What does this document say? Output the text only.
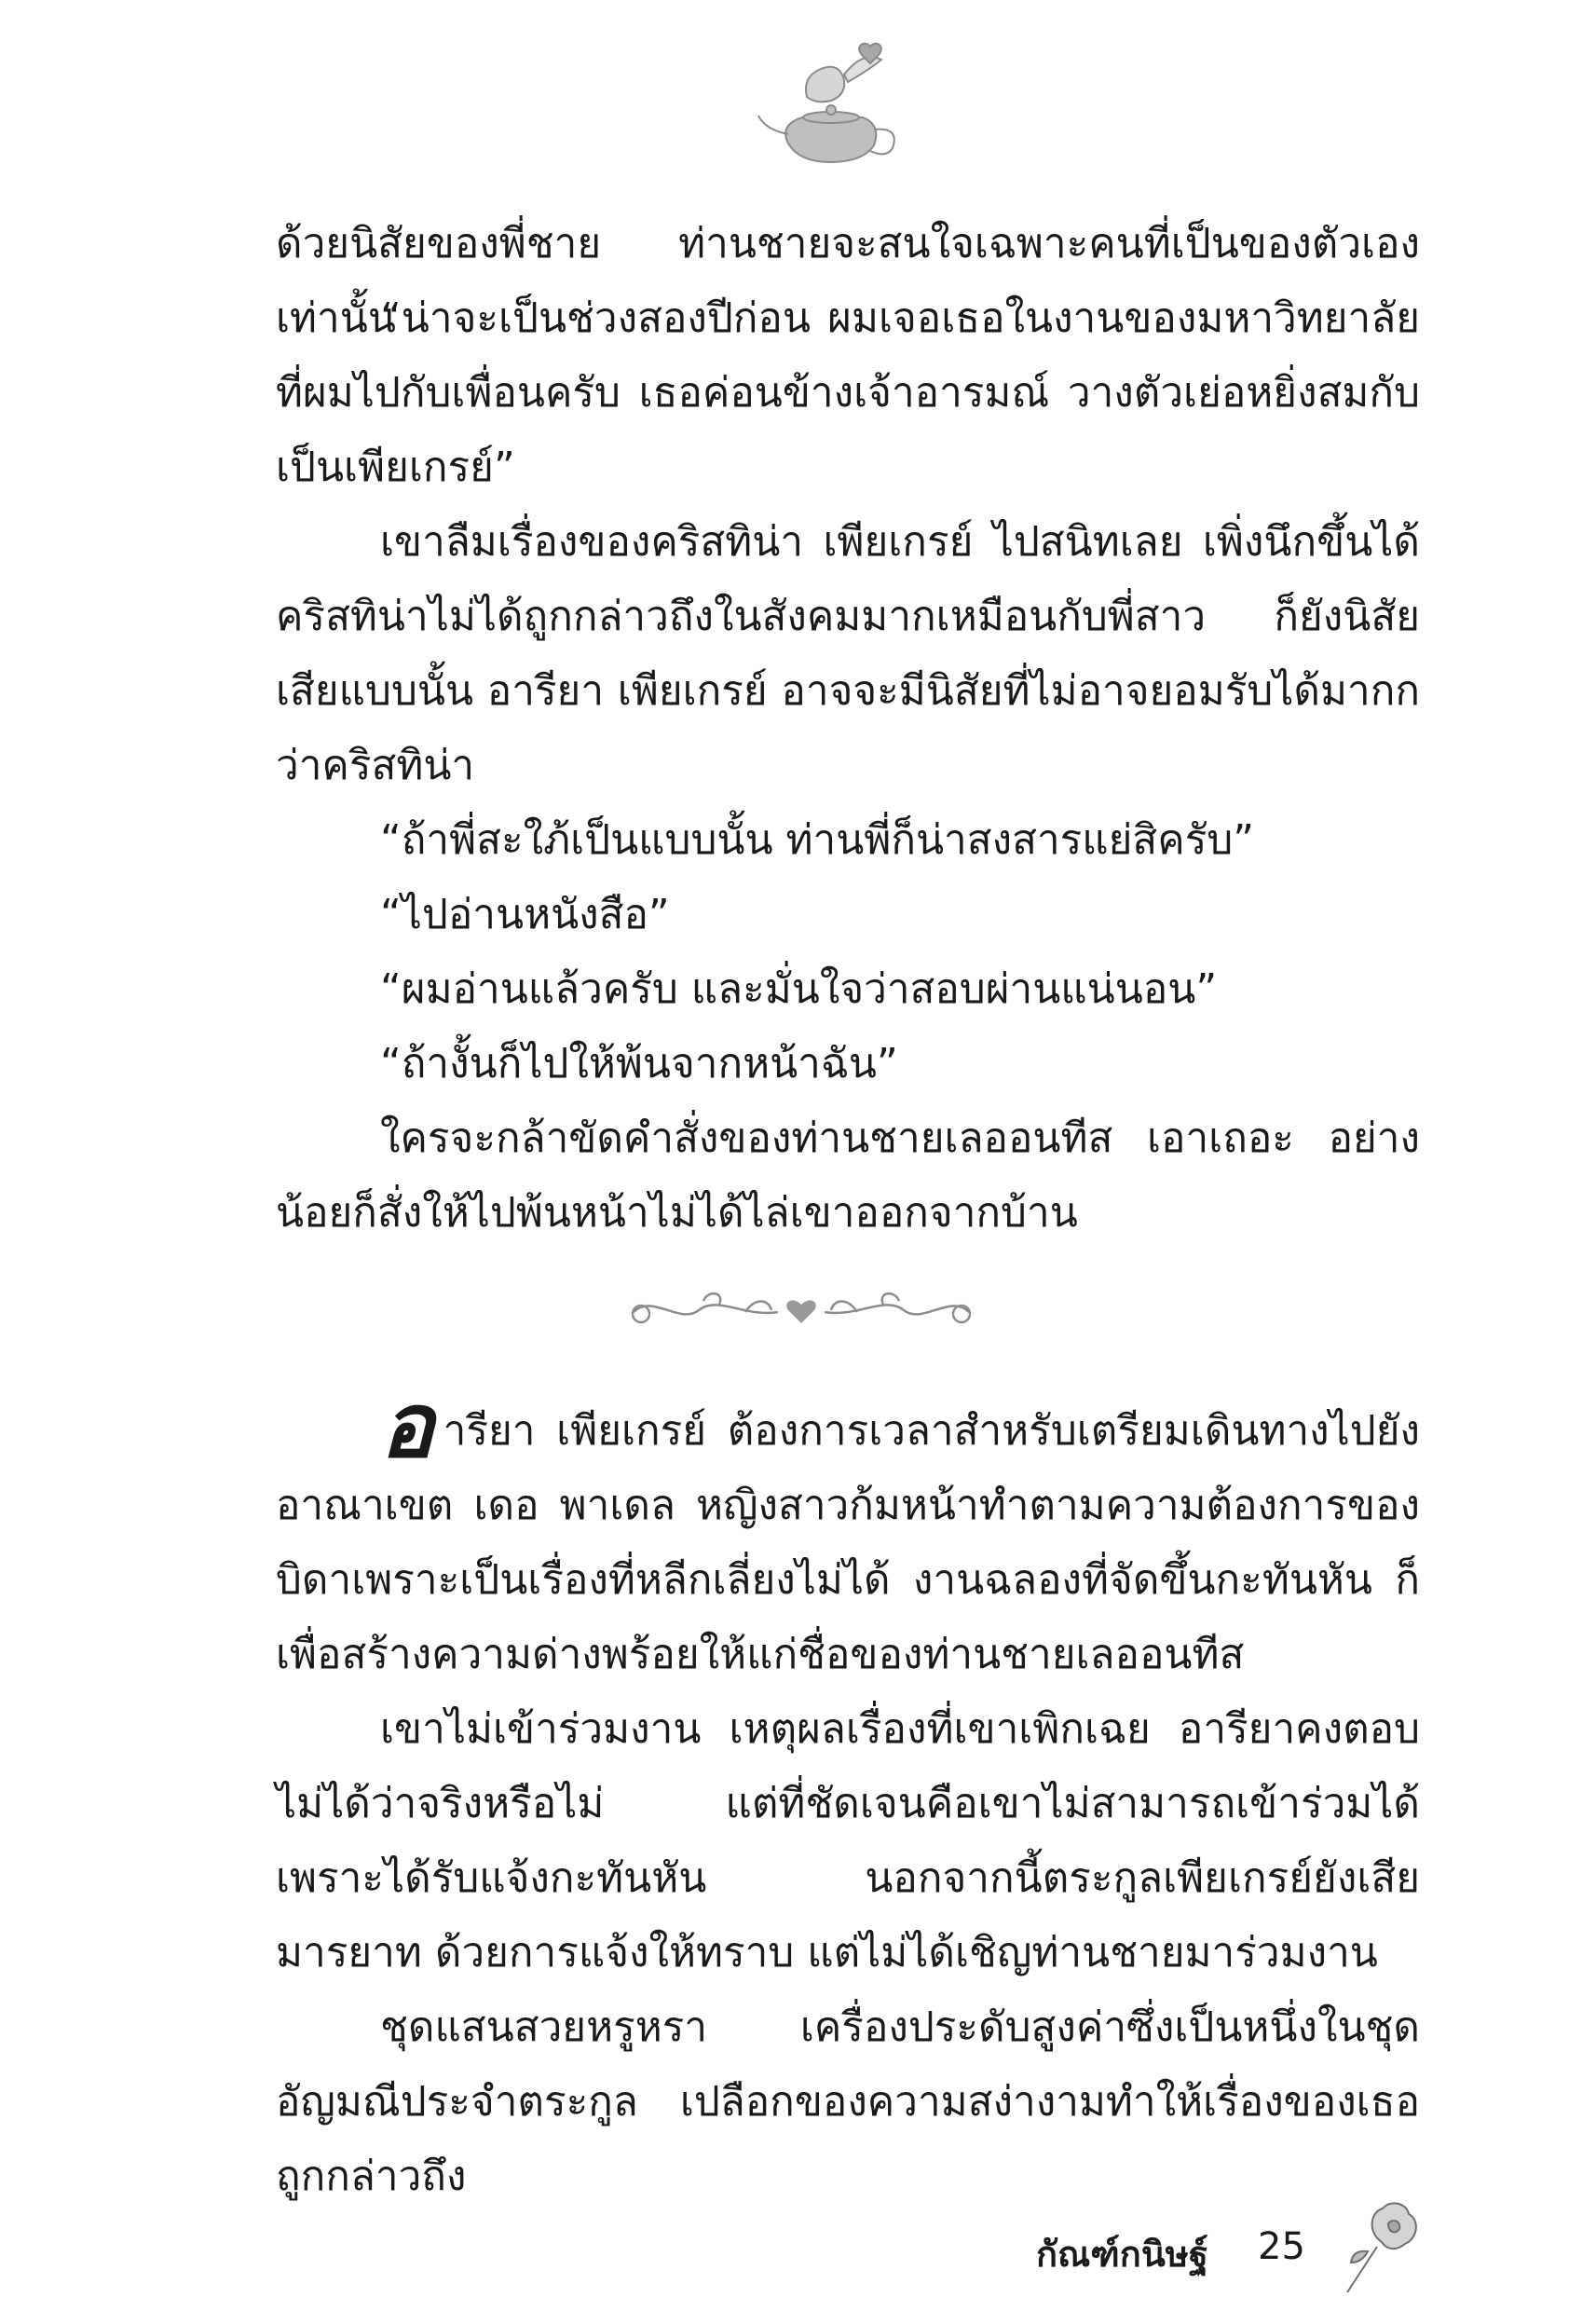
ด้วยนิสัยของพี่ชาย ท่านชายจะสนใจเฉพาะคนที่เป็นของตัวเองเท่านั้น
“น่าจะเป็นช่วงสองปีก่อน ผมเจอเธอในงานของมหาวิทยาลัยที่ผมไปกับเพื่อนครับ เธอค่อนข้างเจ้าอารมณ์ วางตัวเย่อหยิ่งสมกับเป็นเพียเกรย์”
เขาลืมเรื่องของคริสทิน่า เพียเกรย์ ไปสนิทเลย เพิ่งนึกขึ้นได้ คริสทิน่าไม่ได้ถูกกล่าวถึงในสังคมมากเหมือนกับพี่สาว ก็ยังนิสัยเสียแบบนั้น อารียา เพียเกรย์ อาจจะมีนิสัยที่ไม่อาจยอมรับได้มากกว่าคริสทิน่า
“ถ้าพี่สะใภ้เป็นแบบนั้น ท่านพี่ก็น่าสงสารแย่สิครับ”
“ไปอ่านหนังสือ”
“ผมอ่านแล้วครับ และมั่นใจว่าสอบผ่านแน่นอน”
“ถ้างั้นก็ไปให้พ้นจากหน้าฉัน”
ใครจะกล้าขัดคำสั่งของท่านชายเลออนทีส เอาเถอะ อย่างน้อยก็สั่งให้ไปพ้นหน้าไม่ได้ไล่เขาออกจากบ้าน
อารียา เพียเกรย์ ต้องการเวลาสำหรับเตรียมเดินทางไปยังอาณาเขต เดอ พาเดล หญิงสาวก้มหน้าทำตามความต้องการของบิดาเพราะเป็นเรื่องที่หลีกเลี่ยงไม่ได้ งานฉลองที่จัดขึ้นกะทันหัน ก็เพื่อสร้างความด่างพร้อยให้แก่ชื่อของท่านชายเลออนทีส
เขาไม่เข้าร่วมงาน เหตุผลเรื่องที่เขาเพิกเฉย อารียาคงตอบไม่ได้ว่าจริงหรือไม่ แต่ที่ชัดเจนคือเขาไม่สามารถเข้าร่วมได้ เพราะได้รับแจ้งกะทันหัน นอกจากนี้ตระกูลเพียเกรย์ยังเสียมารยาท ด้วยการแจ้งให้ทราบ แต่ไม่ได้เชิญท่านชายมาร่วมงาน
ชุดแสนสวยหรูหรา เครื่องประดับสูงค่าซึ่งเป็นหนึ่งในชุดอัญมณีประจำตระกูล เปลือกของความสง่างามทำให้เรื่องของเธอถูกกล่าวถึง
กัณฑ์กนิษฐ์ 25
